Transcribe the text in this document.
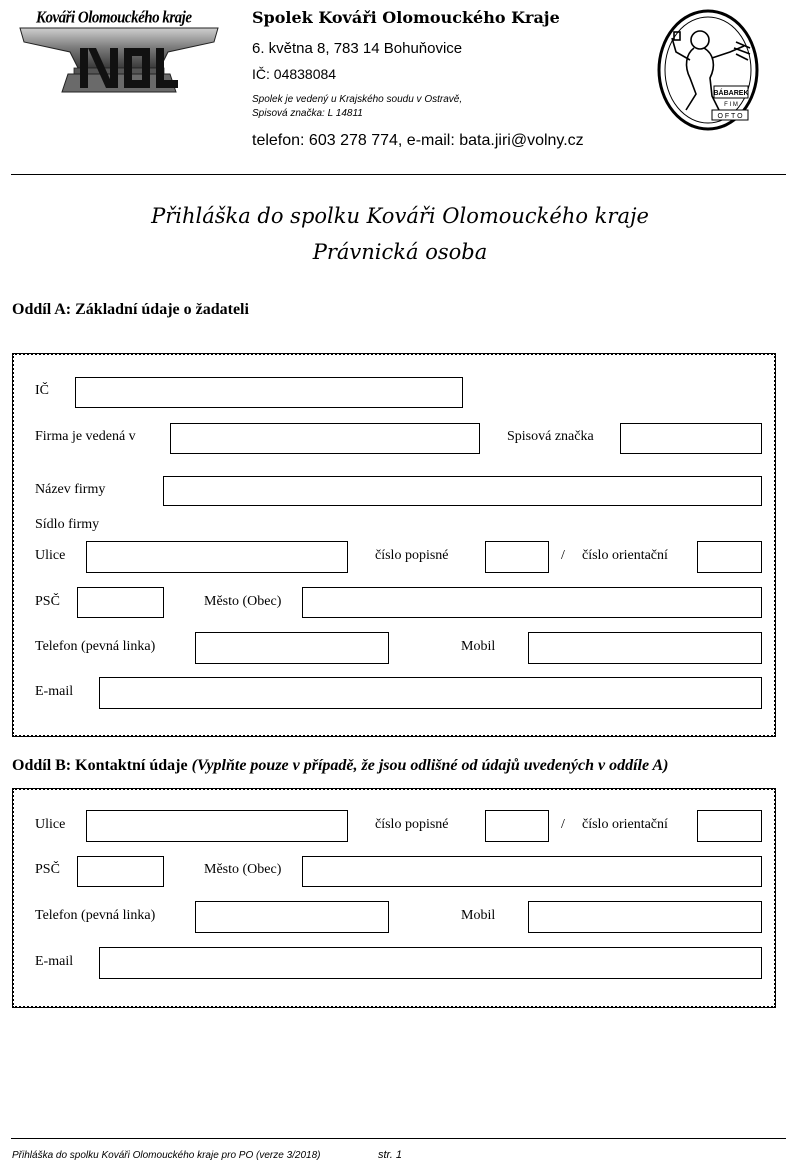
Kováři Olomouckého kraje	Spolek Kováři Olomouckého Kraje
6. května 8, 783 14 Bohuňovice
IČ: 04838084
Spolek je vedený u Krajského soudu v Ostravě,
Spisová značka: L 14811
telefon: 603 278 774, e-mail: bata.jiri@volny.cz
BÁBAREK
F I M
O F T O
Přihláška do spolku Kováři Olomouckého kraje
Právnická osoba
Oddíl A: Základní údaje o žadateli
IČ
Firma je vedená v	Spisová značka
Název firmy
Sídlo firmy
Ulice	číslo popisné	/ číslo orientační
PSČ	Město (Obec)
Telefon (pevná linka)	Mobil
E-mail
Oddíl B: Kontaktní údaje (Vyplňte pouze v případě, že jsou odlišné od údajů uvedených v oddíle A)
Ulice	číslo popisné	/ číslo orientační
PSČ	Město (Obec)
Telefon (pevná linka)	Mobil
E-mail
Přihláška do spolku Kováři Olomouckého kraje pro PO (verze 3/2018)	str. 1
